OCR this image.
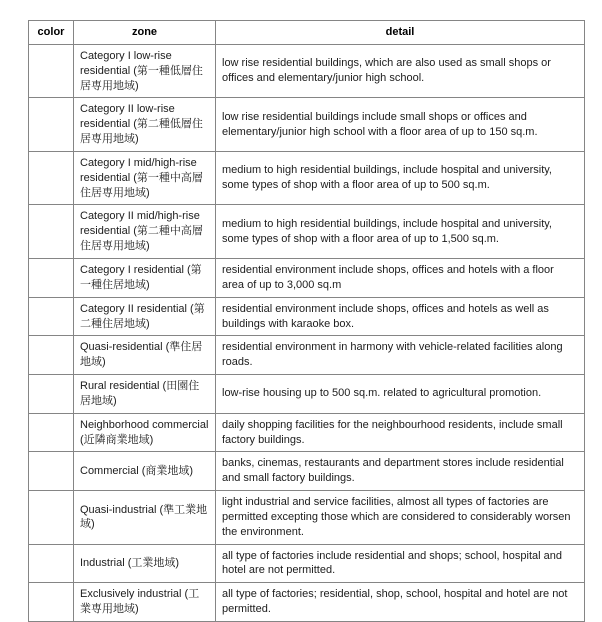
color	zone	detail
	Category I low-rise residential (第一種低層住居専用地域)	low rise residential buildings, which are also used as small shops or offices and elementary/junior high school.
	Category II low-rise residential (第二種低層住居専用地域)	low rise residential buildings include small shops or offices and elementary/junior high school with a floor area of up to 150 sq.m.
	Category I mid/high-rise residential (第一種中高層住居専用地域)	medium to high residential buildings, include hospital and university, some types of shop with a floor area of up to 500 sq.m.
	Category II mid/high-rise residential (第二種中高層住居専用地域)	medium to high residential buildings, include hospital and university, some types of shop with a floor area of up to 1,500 sq.m.
	Category I residential (第一種住居地域)	residential environment include shops, offices and hotels with a floor area of up to 3,000 sq.m
	Category II residential (第二種住居地域)	residential environment include shops, offices and hotels as well as buildings with karaoke box.
	Quasi-residential (準住居地域)	residential environment in harmony with vehicle-related facilities along roads.
	Rural residential (田園住居地域)	low-rise housing up to 500 sq.m. related to agricultural promotion.
	Neighborhood commercial (近隣商業地域)	daily shopping facilities for the neighbourhood residents, include small factory buildings.
	Commercial (商業地域)	banks, cinemas, restaurants and department stores include residential and small factory buildings.
	Quasi-industrial (準工業地域)	light industrial and service facilities, almost all types of factories are permitted excepting those which are considered to considerably worsen the environment.
	Industrial (工業地域)	all type of factories include residential and shops; school, hospital and hotel are not permitted.
	Exclusively industrial (工業専用地域)	all type of factories; residential, shop, school, hospital and hotel are not permitted.
